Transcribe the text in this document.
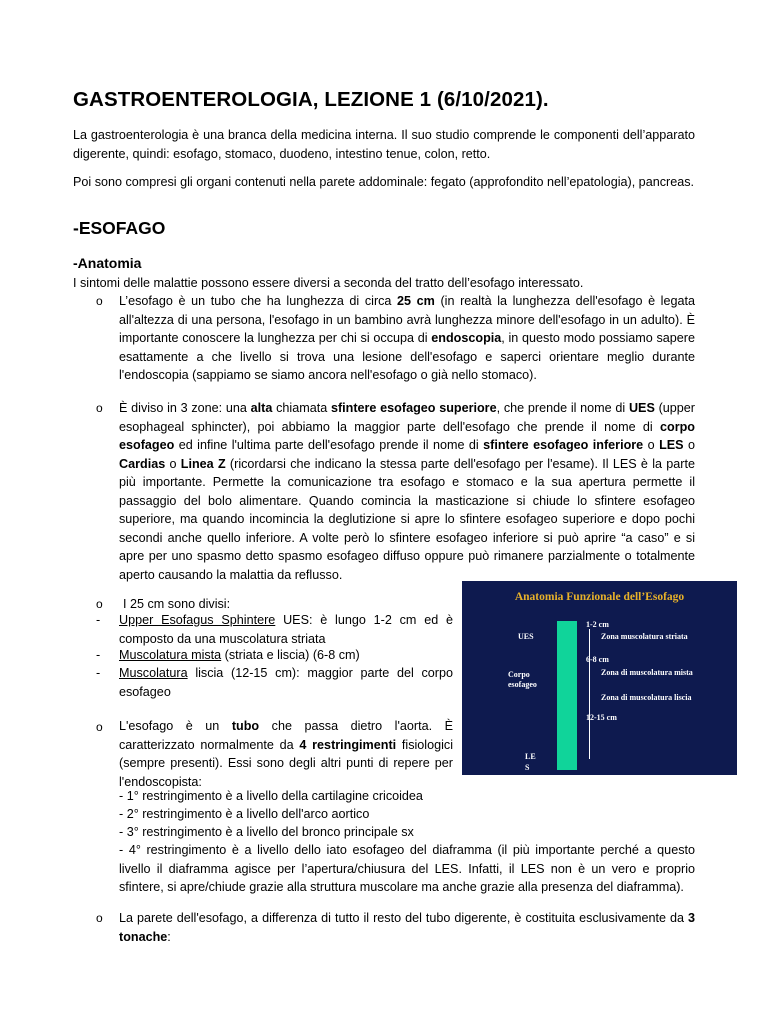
GASTROENTEROLOGIA, LEZIONE 1 (6/10/2021).
La gastroenterologia è una branca della medicina interna. Il suo studio comprende le componenti dell’apparato digerente, quindi: esofago, stomaco, duodeno, intestino tenue, colon, retto.
Poi sono compresi gli organi contenuti nella parete addominale: fegato (approfondito nell’epatologia), pancreas.
-ESOFAGO
-Anatomia
I sintomi delle malattie possono essere diversi a seconda del tratto dell’esofago interessato.
o L’esofago è un tubo che ha lunghezza di circa 25 cm (in realtà la lunghezza dell'esofago è legata all'altezza di una persona, l'esofago in un bambino avrà lunghezza minore dell'esofago in un adulto). È importante conoscere la lunghezza per chi si occupa di endoscopia, in questo modo possiamo sapere esattamente a che livello si trova una lesione dell'esofago e saperci orientare meglio durante l'endoscopia (sappiamo se siamo ancora nell'esofago o già nello stomaco).
o È diviso in 3 zone: una alta chiamata sfintere esofageo superiore, che prende il nome di UES (upper esophageal sphincter), poi abbiamo la maggior parte dell'esofago che prende il nome di corpo esofageo ed infine l'ultima parte dell'esofago prende il nome di sfintere esofageo inferiore o LES o Cardias o Linea Z (ricordarsi che indicano la stessa parte dell'esofago per l'esame). Il LES è la parte più importante. Permette la comunicazione tra esofago e stomaco e la sua apertura permette il passaggio del bolo alimentare. Quando comincia la masticazione si chiude lo sfintere esofageo superiore, ma quando incomincia la deglutizione si apre lo sfintere esofageo superiore e dopo pochi secondi anche quello inferiore. A volte però lo sfintere esofageo inferiore si può aprire “a caso” e si apre per uno spasmo detto spasmo esofageo diffuso oppure può rimanere parzialmente o totalmente aperto causando la malattia da reflusso.
o I 25 cm sono divisi:
- Upper Esofagus Sphintere UES: è lungo 1-2 cm ed è composto da una muscolatura striata
- Muscolatura mista (striata e liscia) (6-8 cm)
- Muscolatura liscia (12-15 cm): maggior parte del corpo esofageo
Anatomia Funzionale dell’Esofago
UES
Corpo
esofageo
LE
S
1-2 cm
Zona muscolatura striata
6-8 cm
Zona di muscolatura mista
Zona di muscolatura liscia
12-15 cm
o L'esofago è un tubo che passa dietro l'aorta. È caratterizzato normalmente da 4 restringimenti fisiologici (sempre presenti). Essi sono degli altri punti di repere per l'endoscopista:
- 1° restringimento è a livello della cartilagine cricoidea
- 2° restringimento è a livello dell'arco aortico
- 3° restringimento è a livello del bronco principale sx
- 4° restringimento è a livello dello iato esofageo del diaframma (il più importante perché a questo livello il diaframma agisce per l’apertura/chiusura del LES. Infatti, il LES non è un vero e proprio sfintere, si apre/chiude grazie alla struttura muscolare ma anche grazie alla presenza del diaframma).
o La parete dell'esofago, a differenza di tutto il resto del tubo digerente, è costituita esclusivamente da 3 tonache:
